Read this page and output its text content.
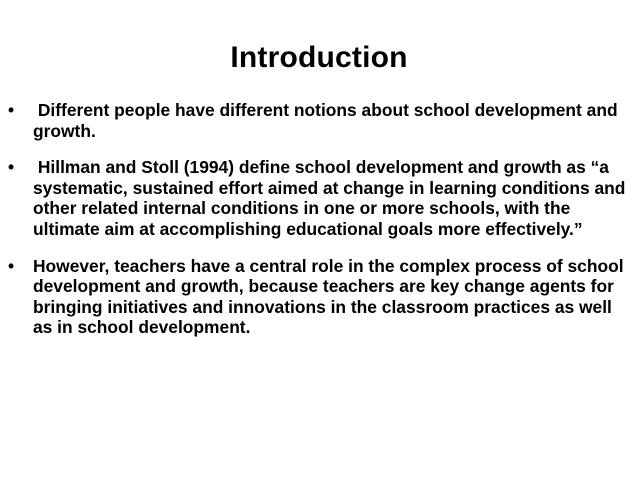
Introduction
• Different people have different notions about school development and growth.
• Hillman and Stoll (1994) define school development and growth as “a systematic, sustained effort aimed at change in learning conditions and other related internal conditions in one or more schools, with the ultimate aim at accomplishing educational goals more effectively.”
• However, teachers have a central role in the complex process of school development and growth, because teachers are key change agents for bringing initiatives and innovations in the classroom practices as well as in school development.
